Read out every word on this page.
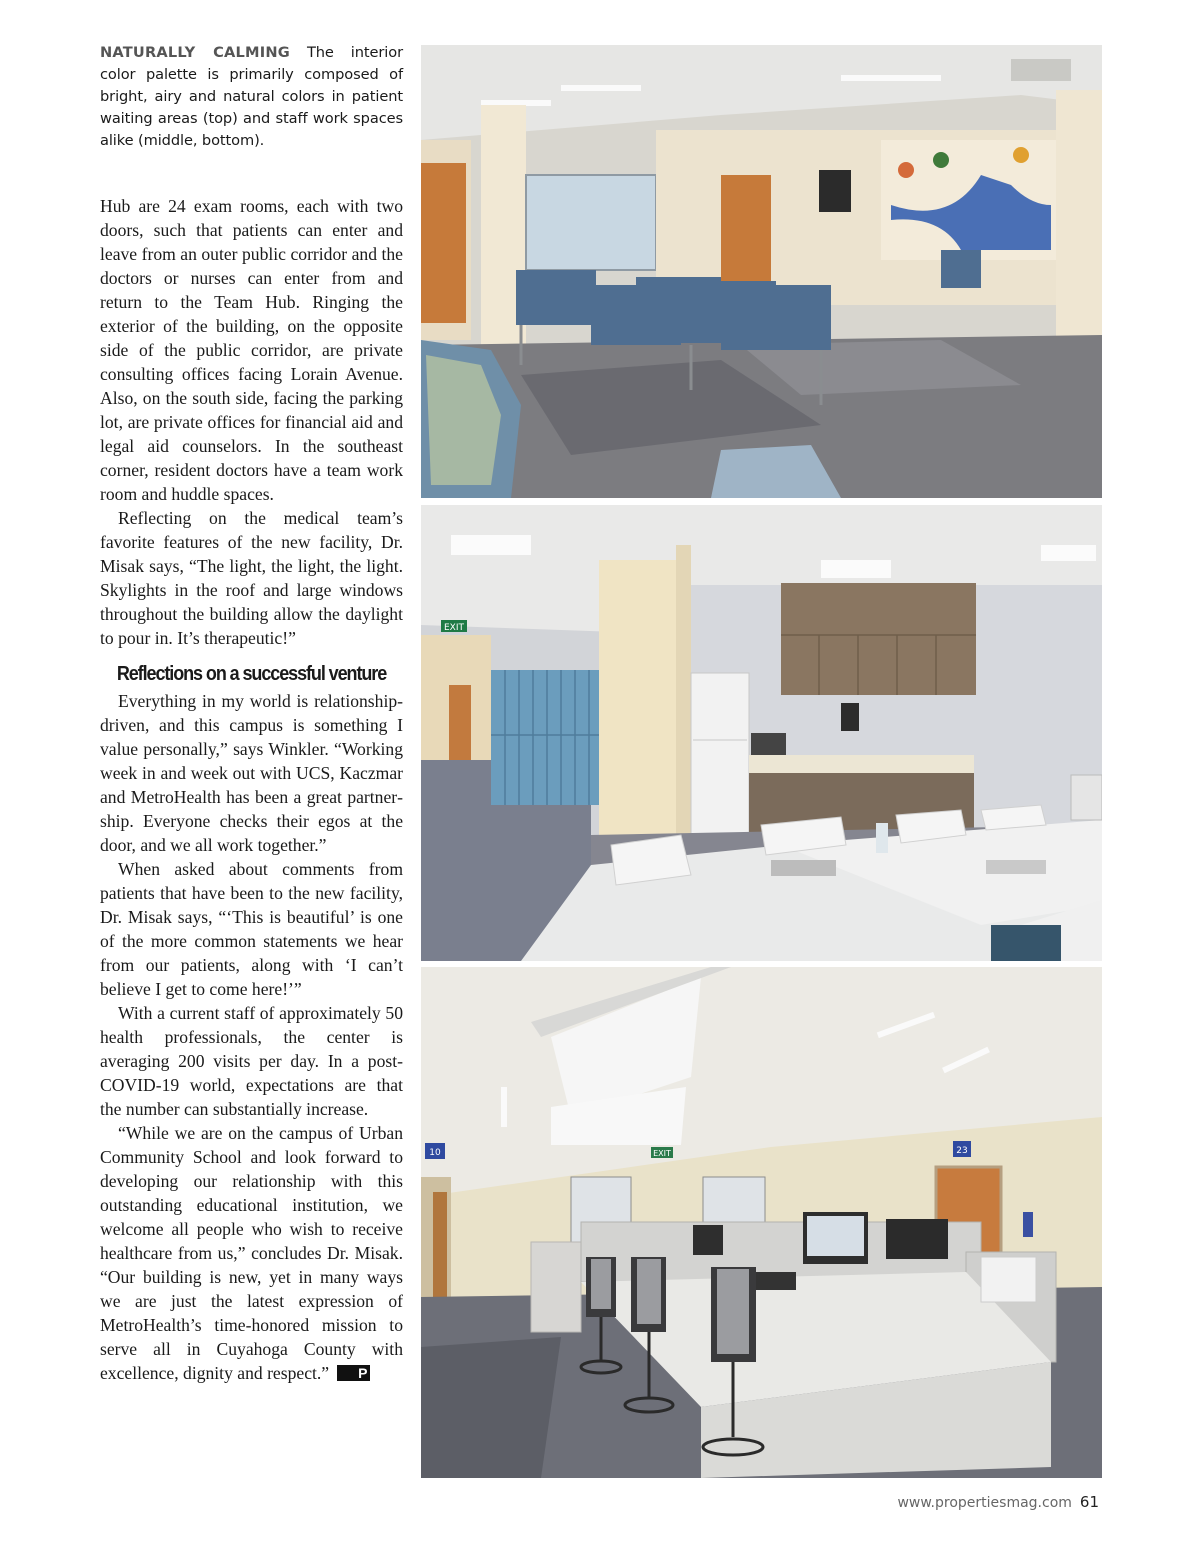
NATURALLY CALMING The interior color palette is primarily composed of bright, airy and natural colors in patient waiting areas (top) and staff work spaces alike (middle, bottom).

Hub are 24 exam rooms, each with two doors, such that patients can enter and leave from an outer public corridor and the doctors or nurses can enter from and return to the Team Hub. Ringing the exterior of the building, on the opposite side of the public corridor, are private consulting offices facing Lorain Avenue. Also, on the south side, facing the parking lot, are private offices for financial aid and legal aid counselors. In the southeast corner, resident doctors have a team work room and huddle spaces.

Reflecting on the medical team’s favorite features of the new facility, Dr. Misak says, “The light, the light, the light. Skylights in the roof and large windows throughout the building allow the daylight to pour in. It’s therapeutic!”

Reflections on a successful venture

Everything in my world is relationship-driven, and this campus is something I value personally,” says Winkler. “Working week in and week out with UCS, Kaczmar and MetroHealth has been a great partnership. Everyone checks their egos at the door, and we all work together.”

When asked about comments from patients that have been to the new facility, Dr. Misak says, “‘This is beautiful’ is one of the more common statements we hear from our patients, along with ‘I can’t believe I get to come here!’”

With a current staff of approximately 50 health professionals, the center is averaging 200 visits per day. In a post-COVID-19 world, expectations are that the number can substantially increase.

“While we are on the campus of Urban Community School and look forward to developing our relationship with this outstanding educational institution, we welcome all people who wish to receive healthcare from us,” concludes Dr. Misak. “Our building is new, yet in many ways we are just the latest expression of MetroHealth’s time-honored mission to serve all in Cuyahoga County with excellence, dignity and respect.” P

EXIT
10	23
EXIT
www.propertiesmag.com 61
